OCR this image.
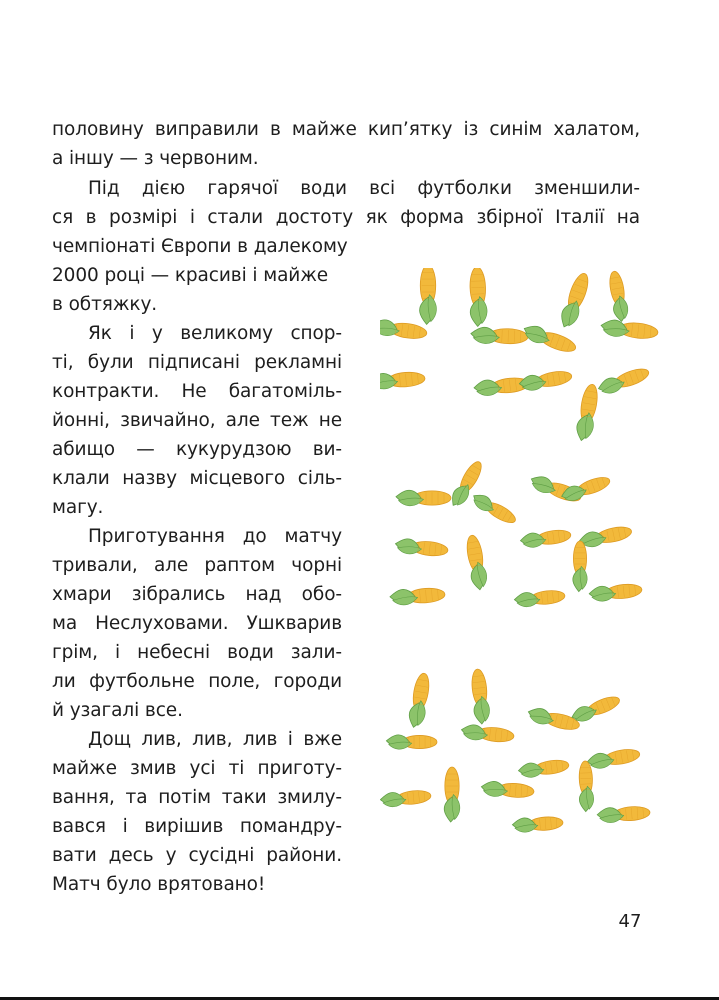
половину виправили в майже кип’ятку із синім халатом,

а іншу — з червоним.

Під дією гарячої води всі футболки зменшили-

ся в розмірі і стали достоту як форма збірної Італії на

чемпіонаті Європи в далекому

2000 році — красиві і майже

в обтяжку.

Як і у великому спор-

ті, були підписані рекламні

контракти. Не багатоміль-

йонні, звичайно, але теж не

абищо — кукурудзою ви-

клали назву місцевого сіль-

магу.

Приготування до матчу

тривали, але раптом чорні

хмари зібрались над обо-

ма Неслуховами. Ушкварив

грім, і небесні води зали-

ли футбольне поле, городи

й узагалі все.

Дощ лив, лив, лив і вже

майже змив усі ті приготу-

вання, та потім таки змилу-

вався і вирішив помандру-

вати десь у сусідні райони.

Матч було врятовано!

47
